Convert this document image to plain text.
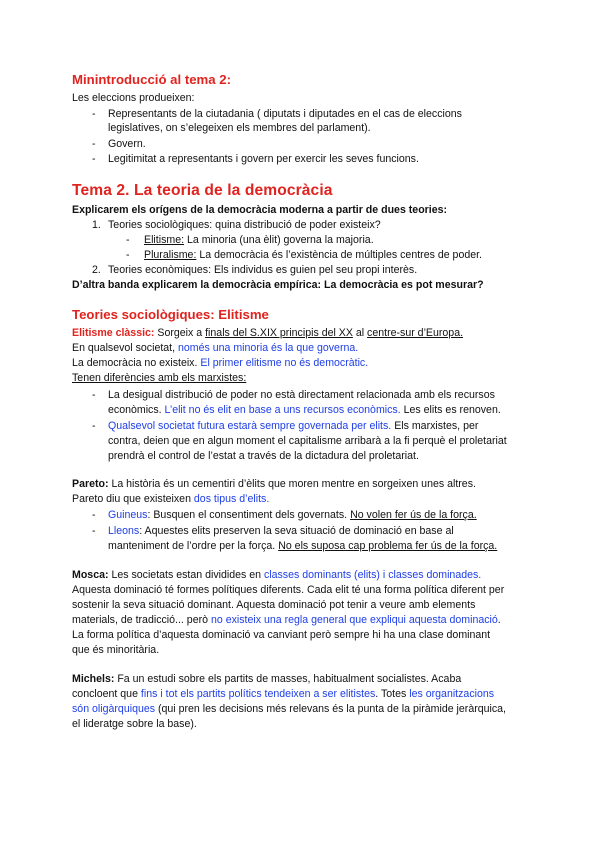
Minintroducció al tema 2:
Les eleccions produeixen:
- Representants de la ciutadania ( diputats i diputades en el cas de eleccions
legislatives, on s’elegeixen els membres del parlament).
- Govern.
- Legitimitat a representants i govern per exercir les seves funcions.
Tema 2. La teoria de la democràcia
Explicarem els orígens de la democràcia moderna a partir de dues teories:
1. Teories sociològiques: quina distribució de poder existeix?
- Elitisme: La minoria (una èlit) governa la majoria.
- Pluralisme: La democràcia és l’existència de múltiples centres de poder.
2. Teories econòmiques: Els individus es guien pel seu propi interès.
D’altra banda explicarem la democràcia empírica: La democràcia es pot mesurar?
Teories sociològiques: Elitisme
Elitisme clàssic: Sorgeix a finals del S.XIX principis del XX al centre-sur d’Europa.
En qualsevol societat, només una minoria és la que governa.
La democràcia no existeix. El primer elitisme no és democràtic.
Tenen diferències amb els marxistes:
- La desigual distribució de poder no està directament relacionada amb els recursos
econòmics. L’elit no és elit en base a uns recursos econòmics. Les elits es renoven.
- Qualsevol societat futura estarà sempre governada per elits. Els marxistes, per
contra, deien que en algun moment el capitalisme arribarà a la fi perquè el proletariat
prendrà el control de l’estat a través de la dictadura del proletariat.
Pareto: La història és un cementiri d’èlits que moren mentre en sorgeixen unes altres.
Pareto diu que existeixen dos tipus d’elits.
- Guineus: Busquen el consentiment dels governats. No volen fer ús de la força.
- Lleons: Aquestes elits preserven la seva situació de dominació en base al
manteniment de l’ordre per la força. No els suposa cap problema fer ús de la força.
Mosca: Les societats estan dividides en classes dominants (elits) i classes dominades.
Aquesta dominació té formes polítiques diferents. Cada elit té una forma política diferent per
sostenir la seva situació dominant. Aquesta dominació pot tenir a veure amb elements
materials, de tradicció... però no existeix una regla general que expliqui aquesta dominació.
La forma política d’aquesta dominació va canviant però sempre hi ha una clase dominant
que és minoritària.
Michels: Fa un estudi sobre els partits de masses, habitualment socialistes. Acaba
concloent que fins i tot els partits polítics tendeixen a ser elitistes. Totes les organitzacions
són oligàrquiques (qui pren les decisions més relevans és la punta de la piràmide jeràrquica,
el lideratge sobre la base).
